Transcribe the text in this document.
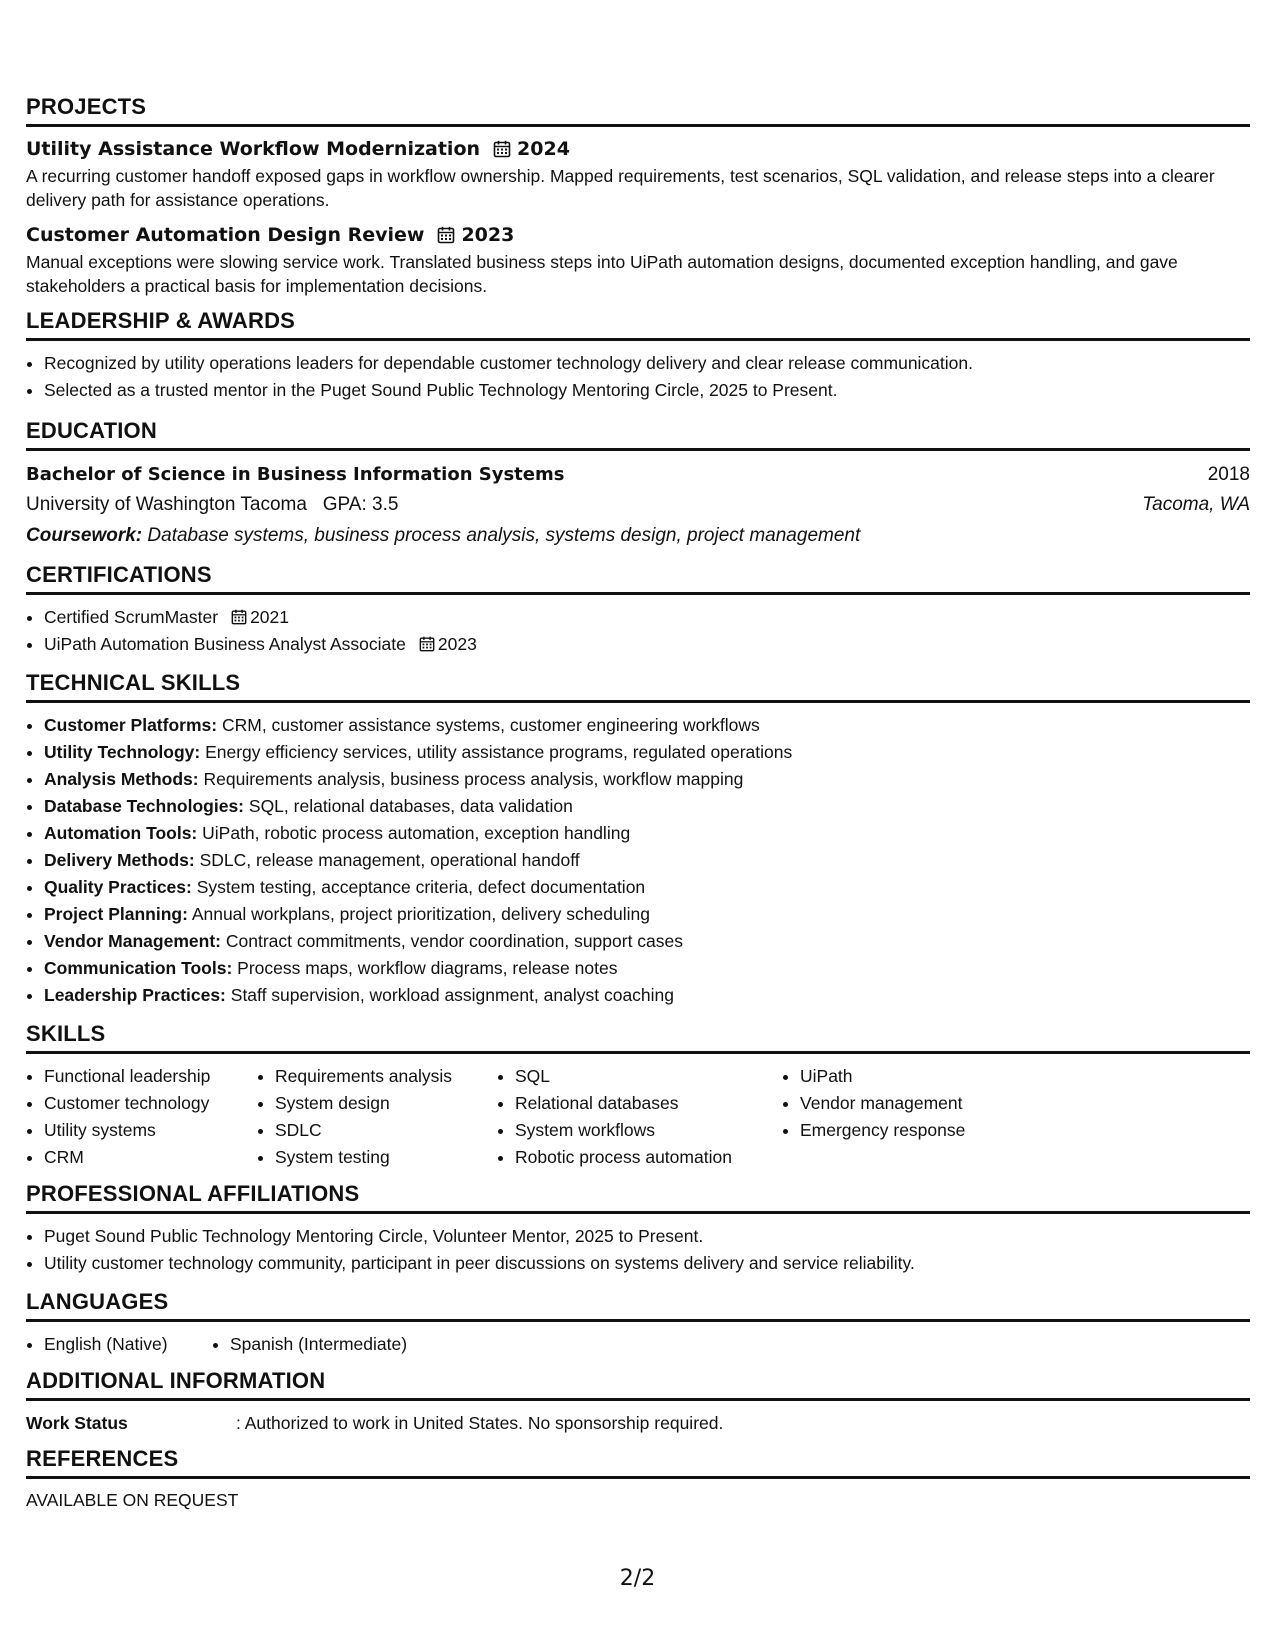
PROJECTS
Utility Assistance Workflow Modernization 2024
A recurring customer handoff exposed gaps in workflow ownership. Mapped requirements, test scenarios, SQL validation, and release steps into a clearer delivery path for assistance operations.
Customer Automation Design Review 2023
Manual exceptions were slowing service work. Translated business steps into UiPath automation designs, documented exception handling, and gave stakeholders a practical basis for implementation decisions.
LEADERSHIP & AWARDS
• Recognized by utility operations leaders for dependable customer technology delivery and clear release communication.
• Selected as a trusted mentor in the Puget Sound Public Technology Mentoring Circle, 2025 to Present.
EDUCATION
Bachelor of Science in Business Information Systems	2018
University of Washington Tacoma GPA: 3.5	Tacoma, WA
Coursework: Database systems, business process analysis, systems design, project management
CERTIFICATIONS
• Certified ScrumMaster 2021
• UiPath Automation Business Analyst Associate 2023
TECHNICAL SKILLS
• Customer Platforms: CRM, customer assistance systems, customer engineering workflows
• Utility Technology: Energy efficiency services, utility assistance programs, regulated operations
• Analysis Methods: Requirements analysis, business process analysis, workflow mapping
• Database Technologies: SQL, relational databases, data validation
• Automation Tools: UiPath, robotic process automation, exception handling
• Delivery Methods: SDLC, release management, operational handoff
• Quality Practices: System testing, acceptance criteria, defect documentation
• Project Planning: Annual workplans, project prioritization, delivery scheduling
• Vendor Management: Contract commitments, vendor coordination, support cases
• Communication Tools: Process maps, workflow diagrams, release notes
• Leadership Practices: Staff supervision, workload assignment, analyst coaching
SKILLS
• Functional leadership
• Customer technology
• Utility systems
• CRM
• Requirements analysis
• System design
• SDLC
• System testing
• SQL
• Relational databases
• System workflows
• Robotic process automation
• UiPath
• Vendor management
• Emergency response
PROFESSIONAL AFFILIATIONS
• Puget Sound Public Technology Mentoring Circle, Volunteer Mentor, 2025 to Present.
• Utility customer technology community, participant in peer discussions on systems delivery and service reliability.
LANGUAGES
• English (Native)
•	Spanish (Intermediate)
ADDITIONAL INFORMATION
Work Status	: Authorized to work in United States. No sponsorship required.
REFERENCES
AVAILABLE ON REQUEST
2/2
